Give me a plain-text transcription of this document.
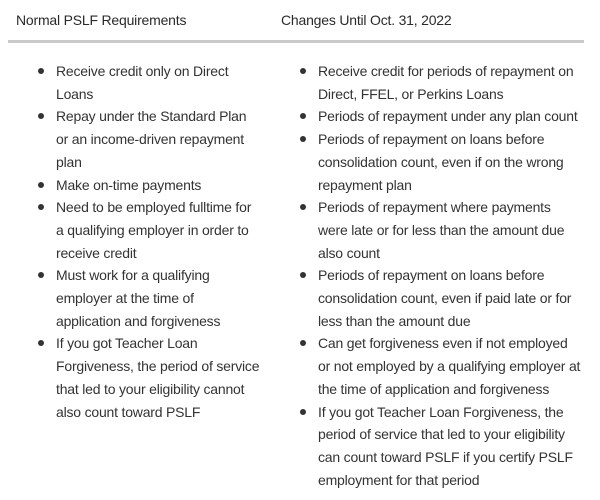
Normal PSLF Requirements	Changes Until Oct. 31, 2022
Receive credit only on Direct Loans
Repay under the Standard Plan or an income-driven repayment plan
Make on-time payments
Need to be employed fulltime for a qualifying employer in order to receive credit
Must work for a qualifying employer at the time of application and forgiveness
If you got Teacher Loan Forgiveness, the period of service that led to your eligibility cannot also count toward PSLF
Receive credit for periods of repayment on Direct, FFEL, or Perkins Loans
Periods of repayment under any plan count
Periods of repayment on loans before consolidation count, even if on the wrong repayment plan
Periods of repayment where payments were late or for less than the amount due also count
Periods of repayment on loans before consolidation count, even if paid late or for less than the amount due
Can get forgiveness even if not employed or not employed by a qualifying employer at the time of application and forgiveness
If you got Teacher Loan Forgiveness, the period of service that led to your eligibility can count toward PSLF if you certify PSLF employment for that period
